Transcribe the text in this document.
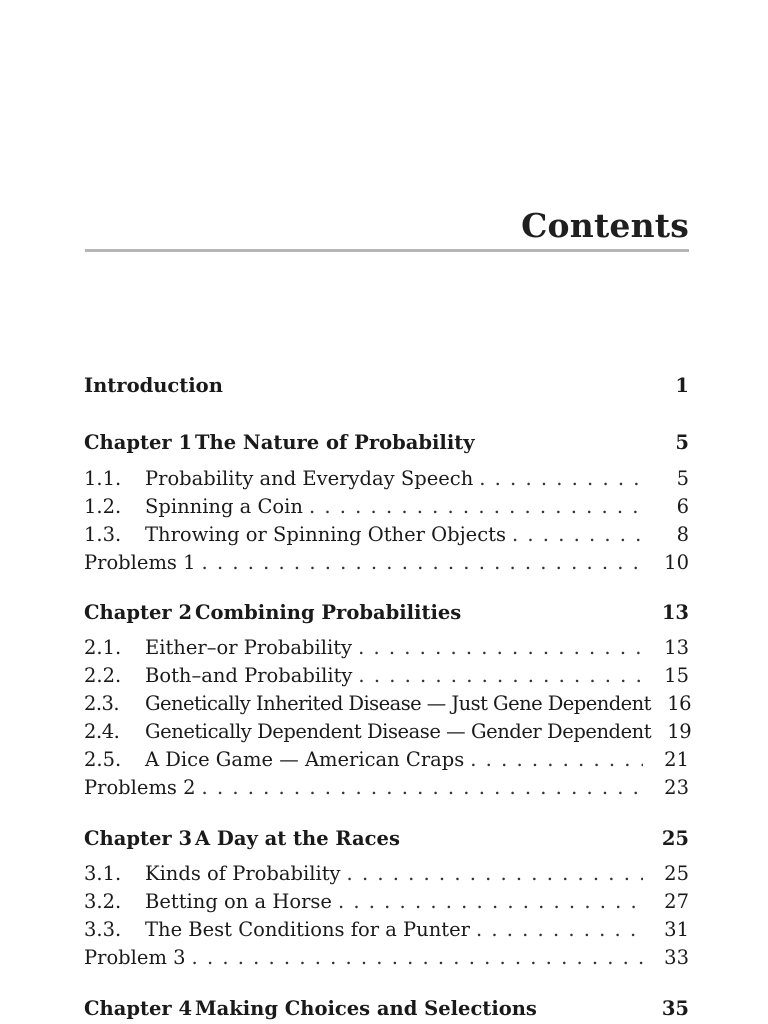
Contents
Introduction	1
Chapter 1 The Nature of Probability	5
1.1.	Probability and Everyday Speech . . .	5
1.2.	Spinning a Coin . . .	6
1.3.	Throwing or Spinning Other Objects . . .	8
Problems 1 . . .	10
Chapter 2 Combining Probabilities	13
2.1.	Either–or Probability . . .	13
2.2.	Both–and Probability . . .	15
2.3.	Genetically Inherited Disease — Just Gene Dependent 16
2.4.	Genetically Dependent Disease — Gender Dependent 19
2.5.	A Dice Game — American Craps . . .	21
Problems 2 . . .	23
Chapter 3 A Day at the Races	25
3.1.	Kinds of Probability . . .	25
3.2.	Betting on a Horse . . .	27
3.3.	The Best Conditions for a Punter . . .	31
Problem 3 . . .	33
Chapter 4 Making Choices and Selections	35
